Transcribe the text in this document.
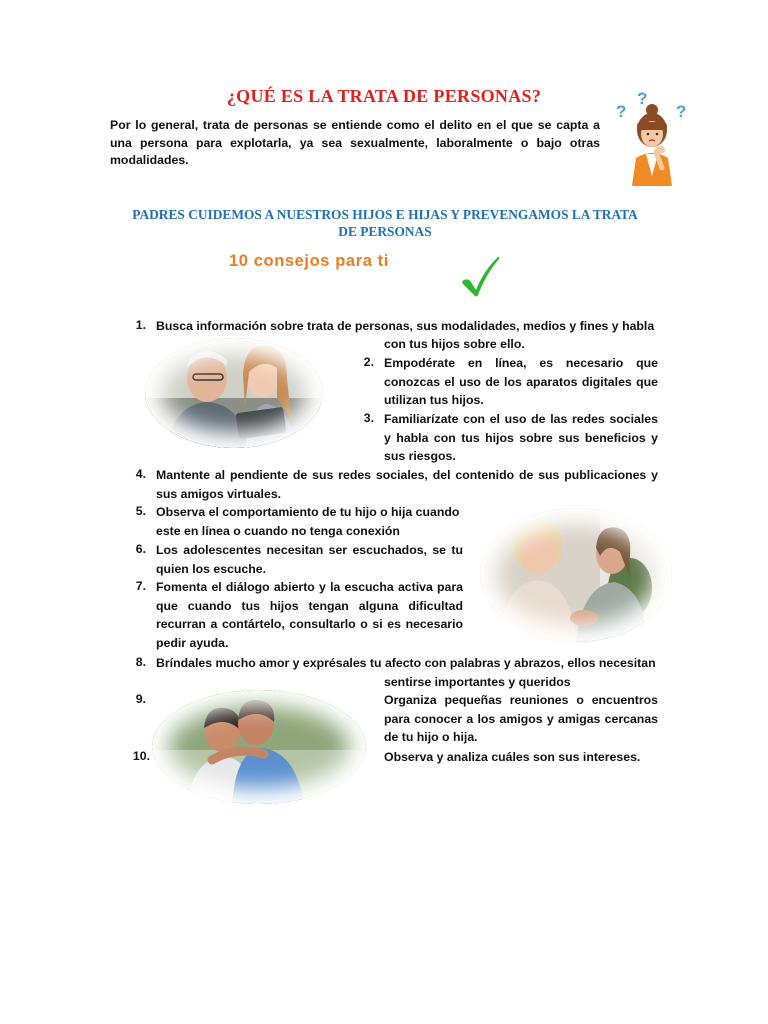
¿QUÉ ES LA TRATA DE PERSONAS?
Por lo general, trata de personas se entiende como el delito en el que se capta a una persona para explotarla, ya sea sexualmente, laboralmente o bajo otras modalidades.
?
?
?
PADRES CUIDEMOS A NUESTROS HIJOS E HIJAS Y PREVENGAMOS LA TRATA
DE PERSONAS
10 consejos para ti
1. Busca información sobre trata de personas, sus modalidades, medios y fines y habla
con tus hijos sobre ello.
2. Empodérate en línea, es necesario que conozcas el uso de los aparatos digitales que utilizan tus hijos.
3. Familiarízate con el uso de las redes sociales y habla con tus hijos sobre sus beneficios y sus riesgos.
4. Mantente al pendiente de sus redes sociales, del contenido de sus publicaciones y sus amigos virtuales.
5. Observa el comportamiento de tu hijo o hija cuando este en línea o cuando no tenga conexión
6. Los adolescentes necesitan ser escuchados, se tu quien los escuche.
7. Fomenta el diálogo abierto y la escucha activa para que cuando tus hijos tengan alguna dificultad recurran a contártelo, consultarlo o si es necesario pedir ayuda.
8. Bríndales mucho amor y exprésales tu afecto con palabras y abrazos, ellos necesitan
sentirse importantes y queridos
9.	Organiza pequeñas reuniones o encuentros para conocer a los amigos y amigas cercanas de tu hijo o hija.
10.	Observa y analiza cuáles son sus intereses.
